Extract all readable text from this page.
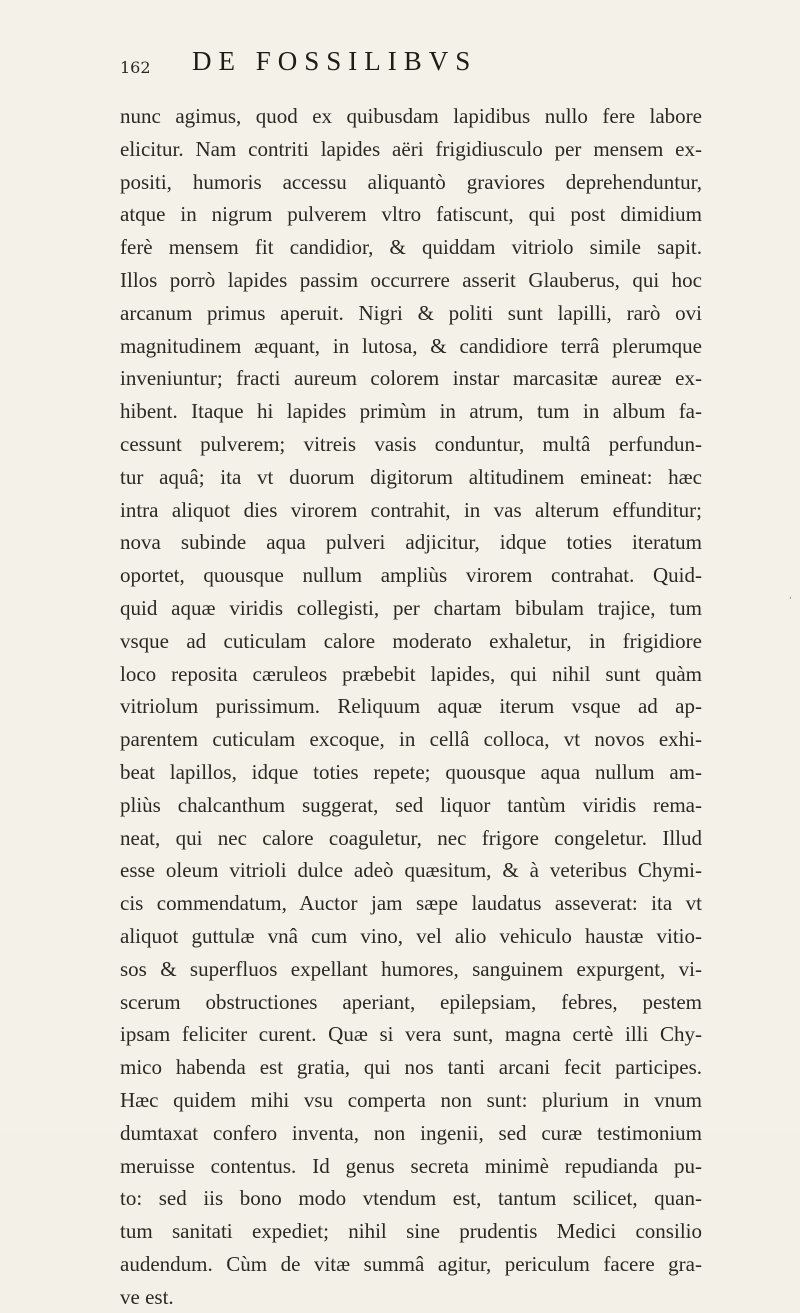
162 DE FOSSILIBVS
nunc agimus, quod ex quibusdam lapidibus nullo fere labore
elicitur. Nam contriti lapides aëri frigidiusculo per mensem ex-
positi, humoris accessu aliquantò graviores deprehenduntur,
atque in nigrum pulverem vltro fatiscunt, qui post dimidium
ferè mensem fit candidior, & quiddam vitriolo simile sapit.
Illos porrò lapides passim occurrere asserit Glauberus, qui hoc
arcanum primus aperuit. Nigri & politi sunt lapilli, rarò ovi
magnitudinem æquant, in lutosa, & candidiore terrâ plerumque
inveniuntur; fracti aureum colorem instar marcasitæ aureæ ex-
hibent. Itaque hi lapides primùm in atrum, tum in album fa-
cessunt pulverem; vitreis vasis conduntur, multâ perfundun-
tur aquâ; ita vt duorum digitorum altitudinem emineat: hæc
intra aliquot dies virorem contrahit, in vas alterum effunditur;
nova subinde aqua pulveri adjicitur, idque toties iteratum
oportet, quousque nullum ampliùs virorem contrahat. Quid-
quid aquæ viridis collegisti, per chartam bibulam trajice, tum
vsque ad cuticulam calore moderato exhaletur, in frigidiore
loco reposita cæruleos præbebit lapides, qui nihil sunt quàm
vitriolum purissimum. Reliquum aquæ iterum vsque ad ap-
parentem cuticulam excoque, in cellâ colloca, vt novos exhi-
beat lapillos, idque toties repete; quousque aqua nullum am-
pliùs chalcanthum suggerat, sed liquor tantùm viridis rema-
neat, qui nec calore coaguletur, nec frigore congeletur. Illud
esse oleum vitrioli dulce adeò quæsitum, & à veteribus Chymi-
cis commendatum, Auctor jam sæpe laudatus asseverat: ita vt
aliquot guttulæ vnâ cum vino, vel alio vehiculo haustæ vitio-
sos & superfluos expellant humores, sanguinem expurgent, vi-
scerum obstructiones aperiant, epilepsiam, febres, pestem
ipsam feliciter curent. Quæ si vera sunt, magna certè illi Chy-
mico habenda est gratia, qui nos tanti arcani fecit participes.
Hæc quidem mihi vsu comperta non sunt: plurium in vnum
dumtaxat confero inventa, non ingenii, sed curæ testimonium
meruisse contentus. Id genus secreta minimè repudianda pu-
to: sed iis bono modo vtendum est, tantum scilicet, quan-
tum sanitati expediet; nihil sine prudentis Medici consilio
audendum. Cùm de vitæ summâ agitur, periculum facere gra-
ve est.
ʻ
